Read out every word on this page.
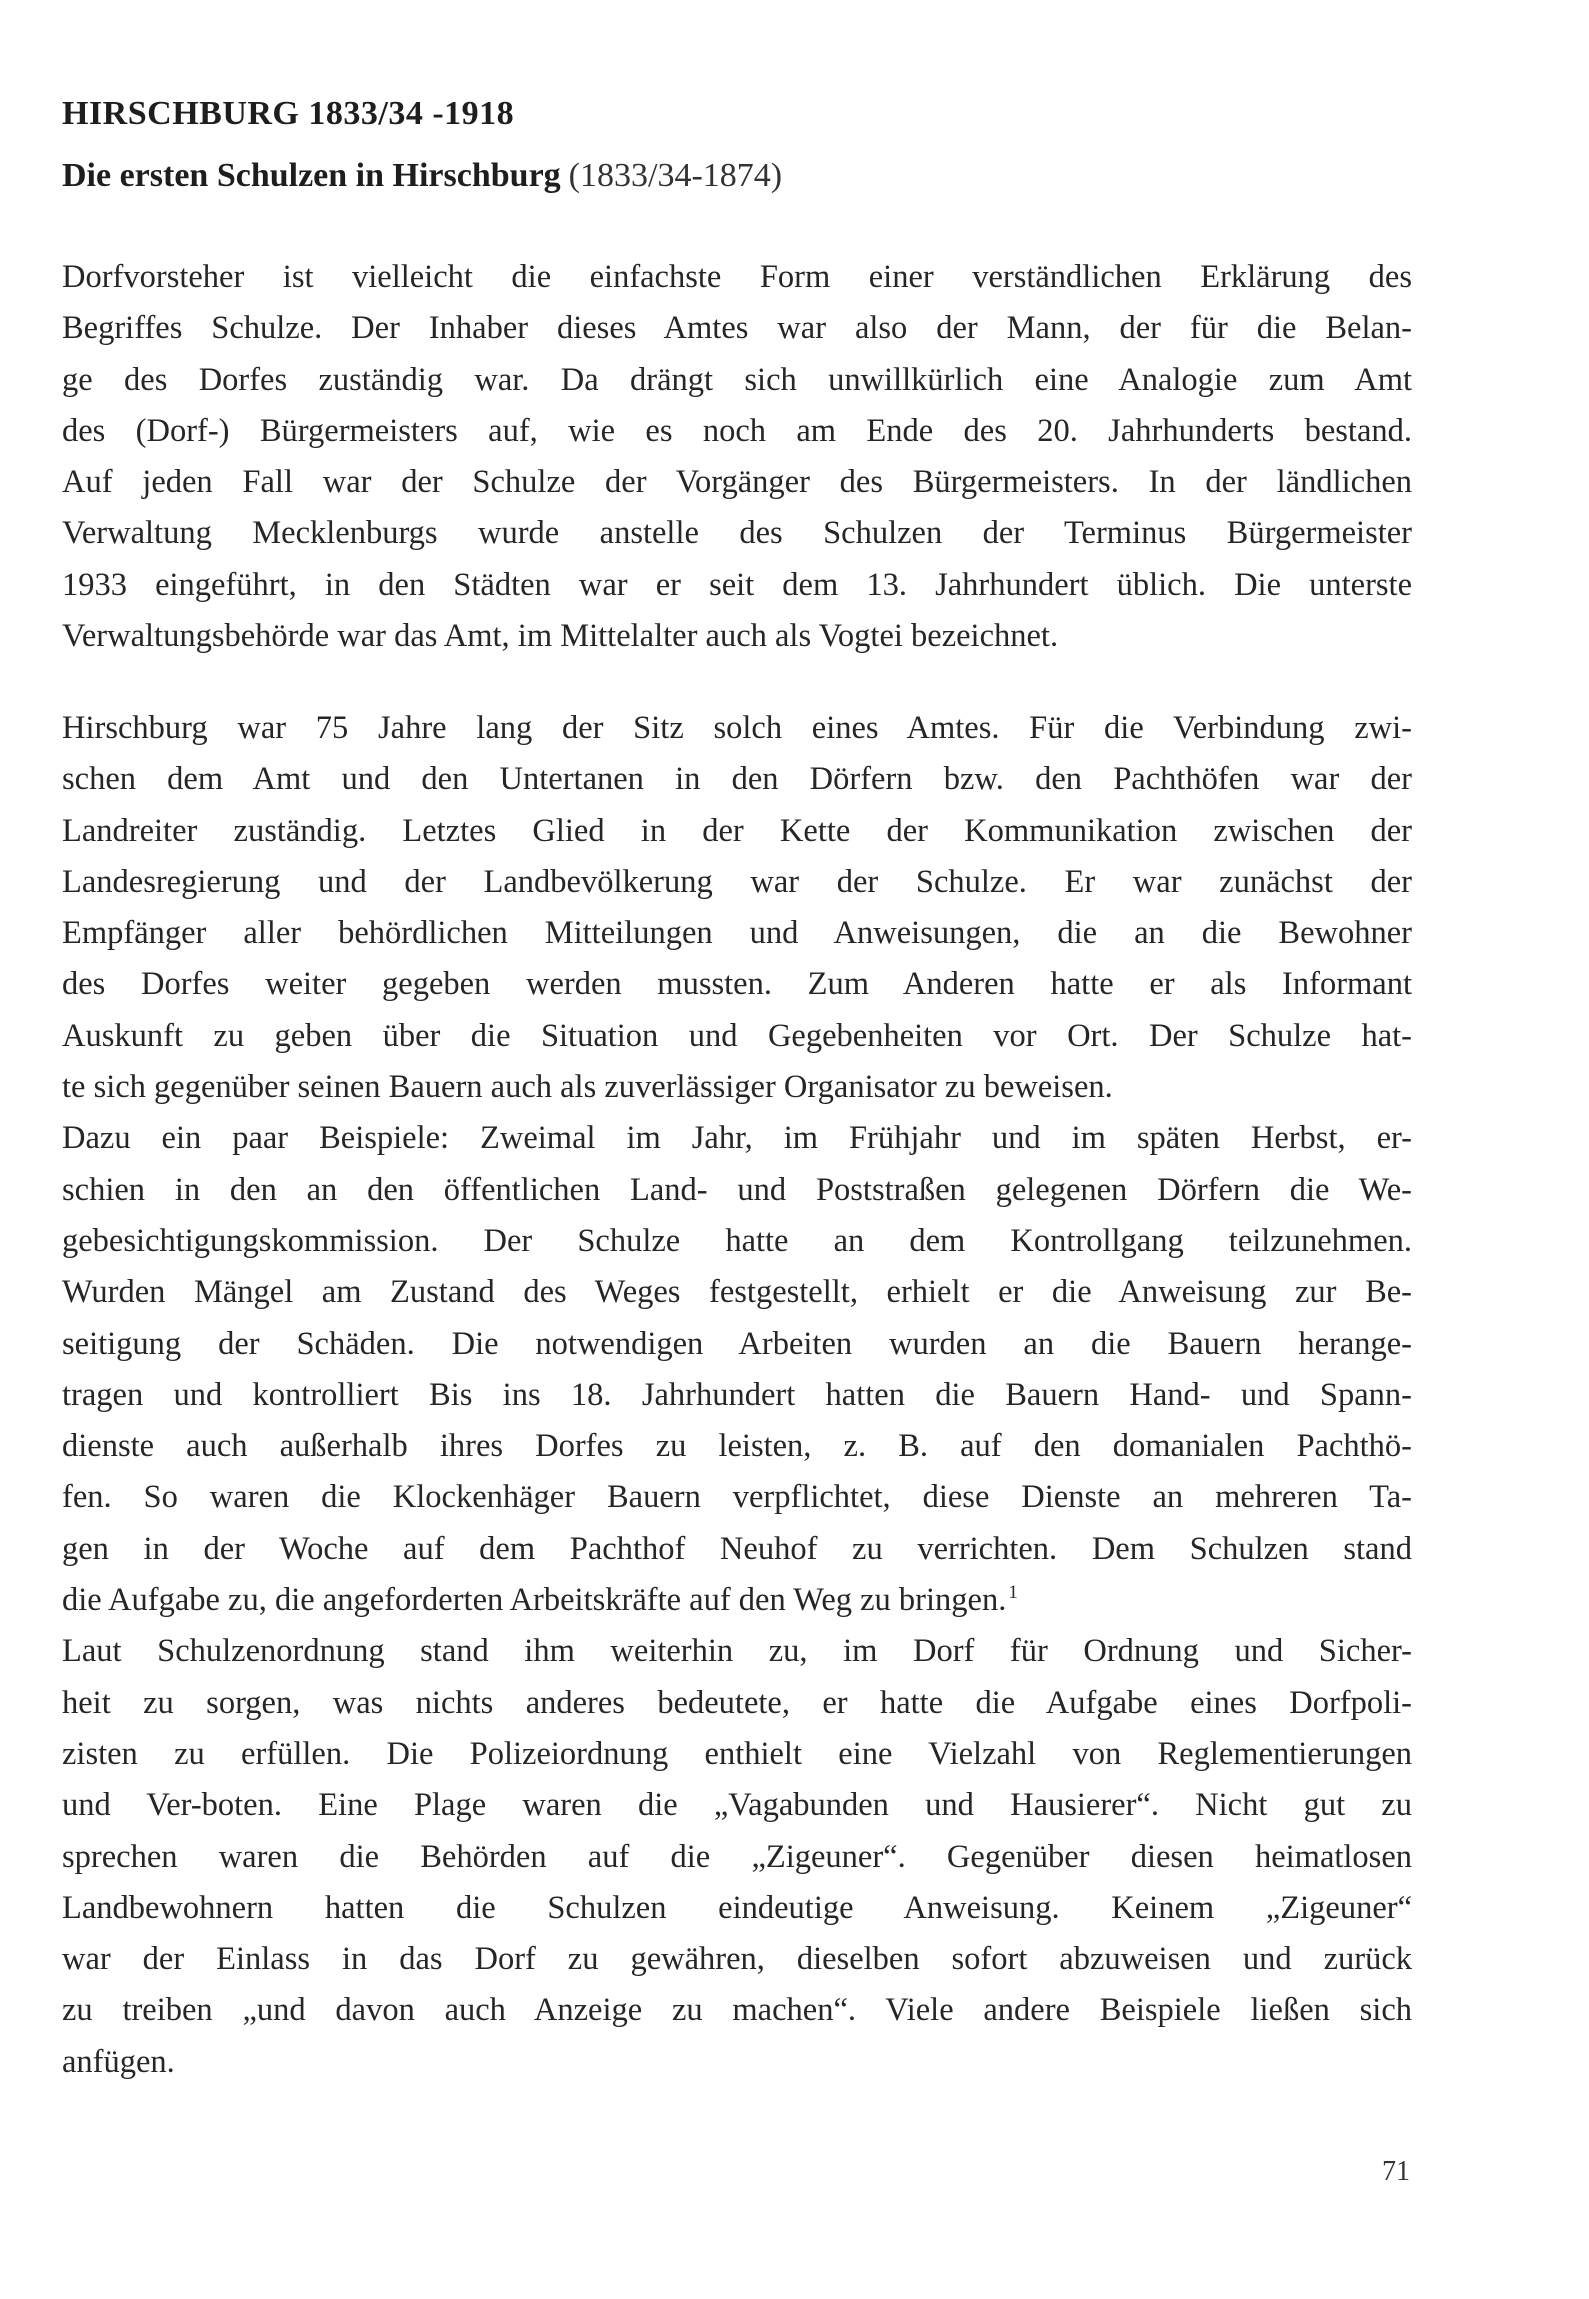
HIRSCHBURG 1833/34 -1918
Die ersten Schulzen in Hirschburg (1833/34-1874)
Dorfvorsteher ist vielleicht die einfachste Form einer verständlichen Erklärung des
Begriffes Schulze. Der Inhaber dieses Amtes war also der Mann, der für die Belan-
ge des Dorfes zuständig war. Da drängt sich unwillkürlich eine Analogie zum Amt
des (Dorf-) Bürgermeisters auf, wie es noch am Ende des 20. Jahrhunderts bestand.
Auf jeden Fall war der Schulze der Vorgänger des Bürgermeisters. In der ländlichen
Verwaltung Mecklenburgs wurde anstelle des Schulzen der Terminus Bürgermeister
1933 eingeführt, in den Städten war er seit dem 13. Jahrhundert üblich. Die unterste
Verwaltungsbehörde war das Amt, im Mittelalter auch als Vogtei bezeichnet.
Hirschburg war 75 Jahre lang der Sitz solch eines Amtes. Für die Verbindung zwi-
schen dem Amt und den Untertanen in den Dörfern bzw. den Pachthöfen war der
Landreiter zuständig. Letztes Glied in der Kette der Kommunikation zwischen der
Landesregierung und der Landbevölkerung war der Schulze. Er war zunächst der
Empfänger aller behördlichen Mitteilungen und Anweisungen, die an die Bewohner
des Dorfes weiter gegeben werden mussten. Zum Anderen hatte er als Informant
Auskunft zu geben über die Situation und Gegebenheiten vor Ort. Der Schulze hat-
te sich gegenüber seinen Bauern auch als zuverlässiger Organisator zu beweisen.
Dazu ein paar Beispiele: Zweimal im Jahr, im Frühjahr und im späten Herbst, er-
schien in den an den öffentlichen Land- und Poststraßen gelegenen Dörfern die We-
gebesichtigungskommission. Der Schulze hatte an dem Kontrollgang teilzunehmen.
Wurden Mängel am Zustand des Weges festgestellt, erhielt er die Anweisung zur Be-
seitigung der Schäden. Die notwendigen Arbeiten wurden an die Bauern herange-
tragen und kontrolliert Bis ins 18. Jahrhundert hatten die Bauern Hand- und Spann-
dienste auch außerhalb ihres Dorfes zu leisten, z. B. auf den domanialen Pachthö-
fen. So waren die Klockenhäger Bauern verpflichtet, diese Dienste an mehreren Ta-
gen in der Woche auf dem Pachthof Neuhof zu verrichten. Dem Schulzen stand
die Aufgabe zu, die angeforderten Arbeitskräfte auf den Weg zu bringen. $^1$
Laut Schulzenordnung stand ihm weiterhin zu, im Dorf für Ordnung und Sicher-
heit zu sorgen, was nichts anderes bedeutete, er hatte die Aufgabe eines Dorfpoli-
zisten zu erfüllen. Die Polizeiordnung enthielt eine Vielzahl von Reglementierungen
und Ver-boten. Eine Plage waren die „Vagabunden und Hausierer“. Nicht gut zu
sprechen waren die Behörden auf die „Zigeuner“. Gegenüber diesen heimatlosen
Landbewohnern hatten die Schulzen eindeutige Anweisung. Keinem „Zigeuner“
war der Einlass in das Dorf zu gewähren, dieselben sofort abzuweisen und zurück
zu treiben „und davon auch Anzeige zu machen“. Viele andere Beispiele ließen sich
anfügen.
71
